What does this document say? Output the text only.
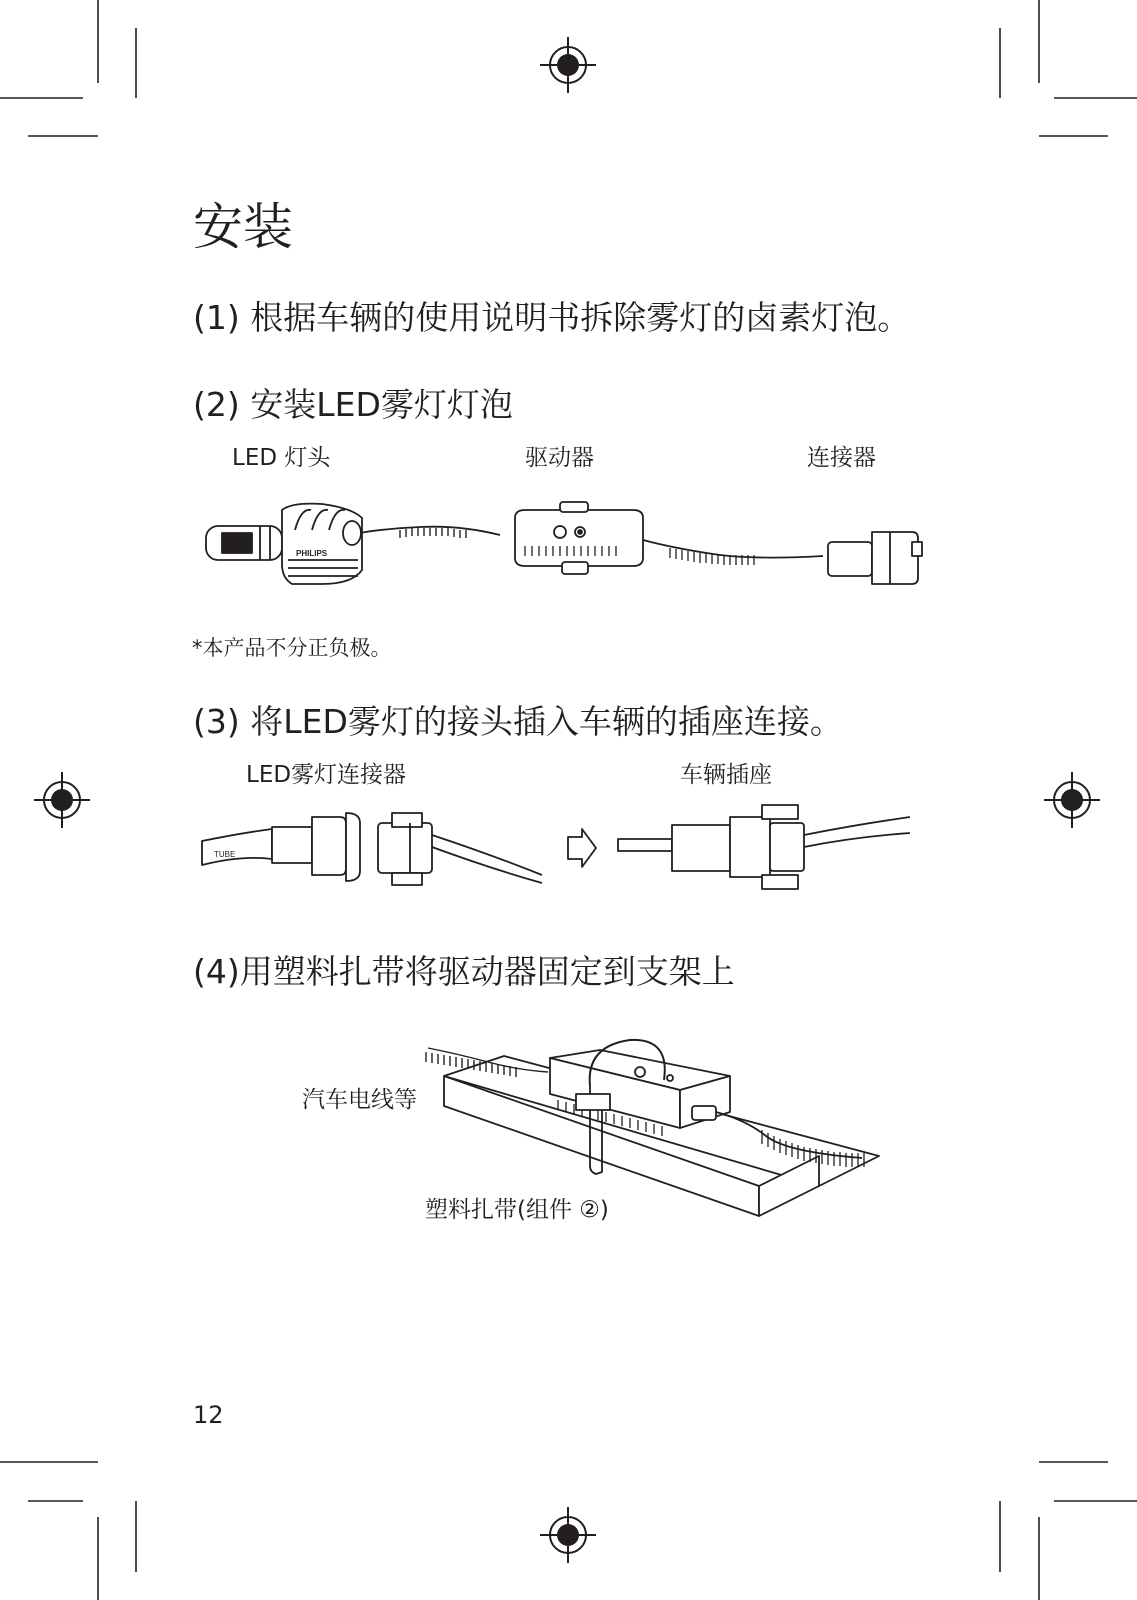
安装
(1) 根据车辆的使用说明书拆除雾灯的卤素灯泡。
(2) 安装LED雾灯灯泡
LED 灯头	驱动器	连接器
PHILIPS
*本产品不分正负极。
(3) 将LED雾灯的接头插入车辆的插座连接。
LED雾灯连接器	车辆插座
TUBE
(4)用塑料扎带将驱动器固定到支架上
汽车电线等
塑料扎带(组件 ②)
12
